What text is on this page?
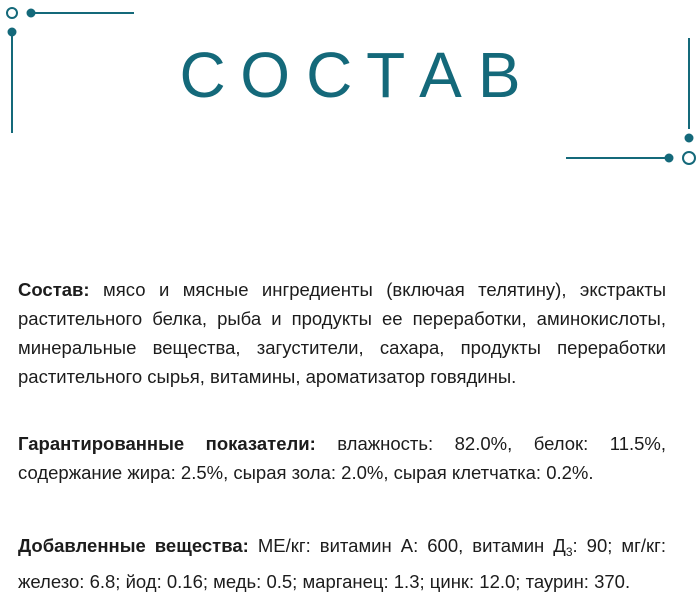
СОСТАВ

Состав: мясо и мясные ингредиенты (включая телятину), экстракты растительного белка, рыба и продукты ее переработки, аминокислоты, минеральные вещества, загустители, сахара, продукты переработки растительного сырья, витамины, ароматизатор говядины.

Гарантированные показатели: влажность: 82.0%, белок: 11.5%, содержание жира: 2.5%, сырая зола: 2.0%, сырая клетчатка: 0.2%.

Добавленные вещества: МЕ/кг: витамин А: 600, витамин $Д_3$: 90; мг/кг: железо: 6.8; йод: 0.16; медь: 0.5; марганец: 1.3; цинк: 12.0; таурин: 370.
